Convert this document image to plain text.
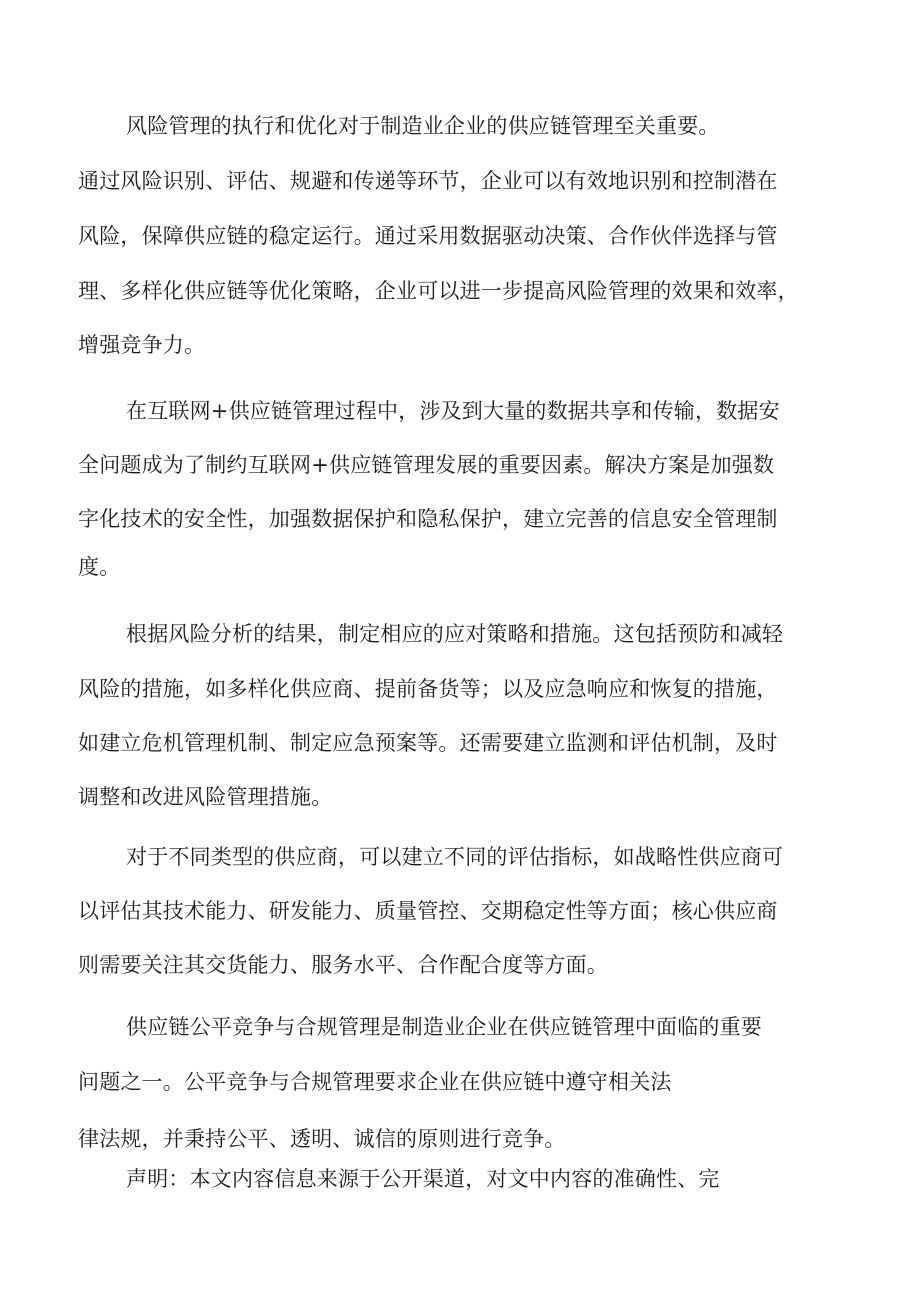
风险管理的执行和优化对于制造业企业的供应链管理至关重要。
通过风险识别、评估、规避和传递等环节，企业可以有效地识别和控制潜在
风险，保障供应链的稳定运行。通过采用数据驱动决策、合作伙伴选择与管
理、多样化供应链等优化策略，企业可以进一步提高风险管理的效果和效率，
增强竞争力。
在互联网+供应链管理过程中，涉及到大量的数据共享和传输，数据安
全问题成为了制约互联网+供应链管理发展的重要因素。解决方案是加强数
字化技术的安全性，加强数据保护和隐私保护，建立完善的信息安全管理制
度。
根据风险分析的结果，制定相应的应对策略和措施。这包括预防和减轻
风险的措施，如多样化供应商、提前备货等；以及应急响应和恢复的措施，
如建立危机管理机制、制定应急预案等。还需要建立监测和评估机制，及时
调整和改进风险管理措施。
对于不同类型的供应商，可以建立不同的评估指标，如战略性供应商可
以评估其技术能力、研发能力、质量管控、交期稳定性等方面；核心供应商
则需要关注其交货能力、服务水平、合作配合度等方面。
供应链公平竞争与合规管理是制造业企业在供应链管理中面临的重要
问题之一。公平竞争与合规管理要求企业在供应链中遵守相关法
律法规，并秉持公平、透明、诚信的原则进行竞争。
声明：本文内容信息来源于公开渠道，对文中内容的准确性、完
